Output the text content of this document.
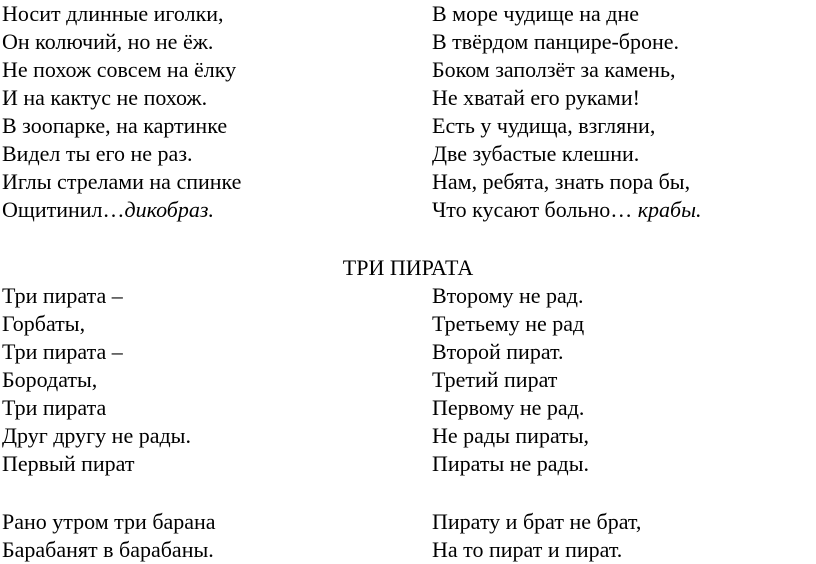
Носит длинные иголки,
Он колючий, но не ёж.
Не похож совсем на ёлку
И на кактус не похож.
В зоопарке, на картинке
Видел ты его не раз.
Иглы стрелами на спинке
Ощитинил…дикобраз.
В море чудище на дне
В твёрдом панцире-броне.
Боком заползёт за камень,
Не хватай его руками!
Есть у чудища, взгляни,
Две зубастые клешни.
Нам, ребята, знать пора бы,
Что кусают больно… крабы.
ТРИ ПИРАТА
Три пирата –
Горбаты,
Три пирата –
Бородаты,
Три пирата
Друг другу не рады.
Первый пират
Рано утром три барана
Барабанят в барабаны.
Второму не рад.
Третьему не рад
Второй пират.
Третий пират
Первому не рад.
Не рады пираты,
Пираты не рады.
Пирату и брат не брат,
На то пират и пират.
